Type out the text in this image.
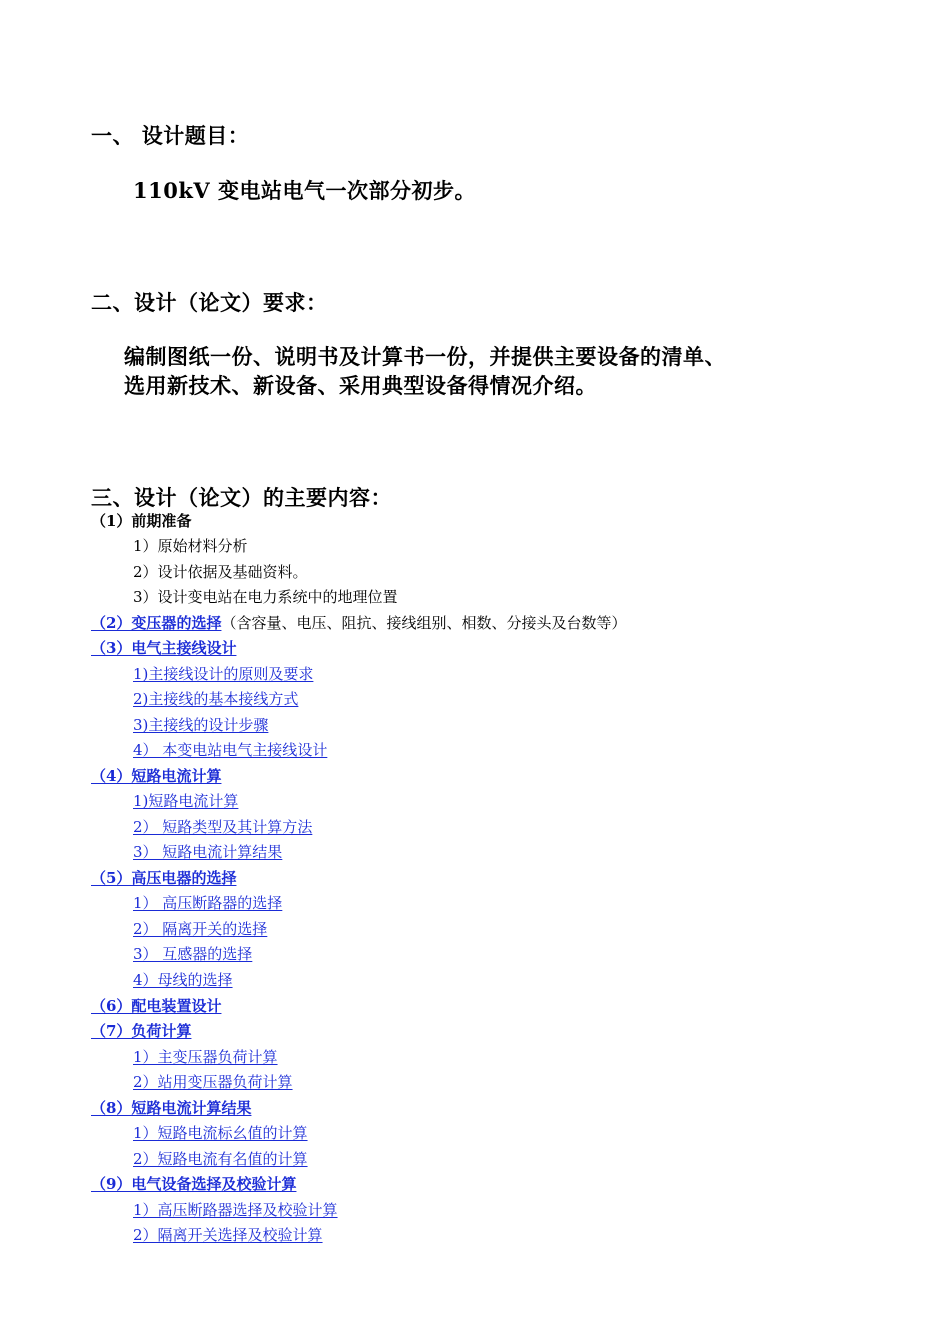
一、 设计题目：
110kV 变电站电气一次部分初步。
二、设计（论文）要求：
编制图纸一份、说明书及计算书一份，并提供主要设备的清单、
选用新技术、新设备、采用典型设备得情况介绍。
三、设计（论文）的主要内容：
（1）前期准备
1）原始材料分析
2）设计依据及基础资料。
3）设计变电站在电力系统中的地理位置
（2）变压器的选择（含容量、电压、阻抗、接线组别、相数、分接头及台数等）
（3）电气主接线设计
1)主接线设计的原则及要求
2)主接线的基本接线方式
3)主接线的设计步骤
4） 本变电站电气主接线设计
（4）短路电流计算
1)短路电流计算
2） 短路类型及其计算方法
3） 短路电流计算结果
（5）高压电器的选择
1） 高压断路器的选择
2） 隔离开关的选择
3） 互感器的选择
4）母线的选择
（6）配电装置设计
（7）负荷计算
1）主变压器负荷计算
2）站用变压器负荷计算
（8）短路电流计算结果
1）短路电流标幺值的计算
2）短路电流有名值的计算
（9）电气设备选择及校验计算
1）高压断路器选择及校验计算
2）隔离开关选择及校验计算
